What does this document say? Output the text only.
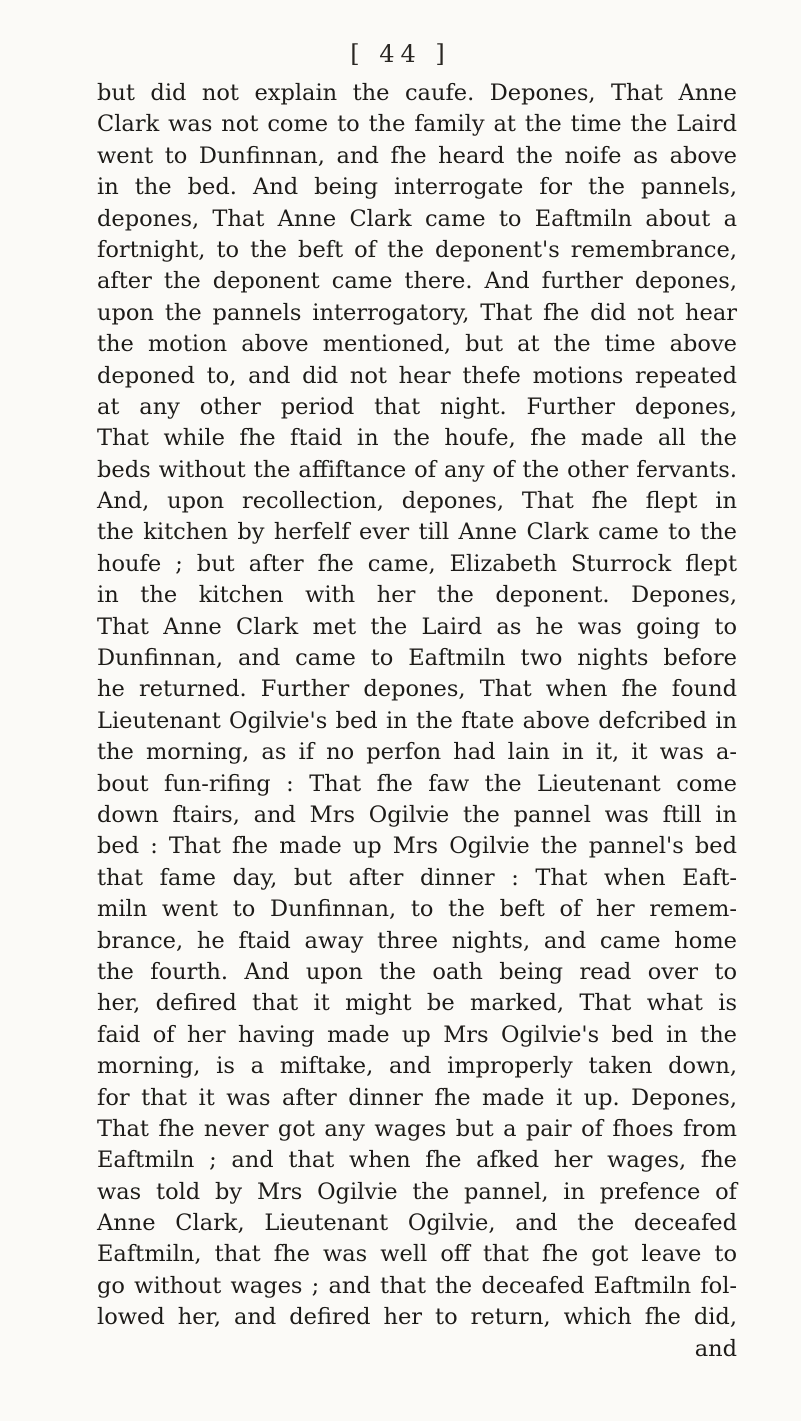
[ 44 ]
but did not explain the caufe. Depones, That Anne
Clark was not come to the family at the time the Laird
went to Dunfinnan, and fhe heard the noife as above
in the bed. And being interrogate for the pannels,
depones, That Anne Clark came to Eaftmiln about a
fortnight, to the beft of the deponent's remembrance,
after the deponent came there. And further depones,
upon the pannels interrogatory, That fhe did not hear
the motion above mentioned, but at the time above
deponed to, and did not hear thefe motions repeated
at any other period that night. Further depones,
That while fhe ftaid in the houfe, fhe made all the
beds without the affiftance of any of the other fervants.
And, upon recollection, depones, That fhe flept in
the kitchen by herfelf ever till Anne Clark came to the
houfe ; but after fhe came, Elizabeth Sturrock flept
in the kitchen with her the deponent. Depones,
That Anne Clark met the Laird as he was going to
Dunfinnan, and came to Eaftmiln two nights before
he returned. Further depones, That when fhe found
Lieutenant Ogilvie's bed in the ftate above defcribed in
the morning, as if no perfon had lain in it, it was a-
bout fun-rifing : That fhe faw the Lieutenant come
down ftairs, and Mrs Ogilvie the pannel was ftill in
bed : That fhe made up Mrs Ogilvie the pannel's bed
that fame day, but after dinner : That when Eaft-
miln went to Dunfinnan, to the beft of her remem-
brance, he ftaid away three nights, and came home
the fourth. And upon the oath being read over to
her, defired that it might be marked, That what is
faid of her having made up Mrs Ogilvie's bed in the
morning, is a miftake, and improperly taken down,
for that it was after dinner fhe made it up. Depones,
That fhe never got any wages but a pair of fhoes from
Eaftmiln ; and that when fhe afked her wages, fhe
was told by Mrs Ogilvie the pannel, in prefence of
Anne Clark, Lieutenant Ogilvie, and the deceafed
Eaftmiln, that fhe was well off that fhe got leave to
go without wages ; and that the deceafed Eaftmiln fol-
lowed her, and defired her to return, which fhe did,
and
